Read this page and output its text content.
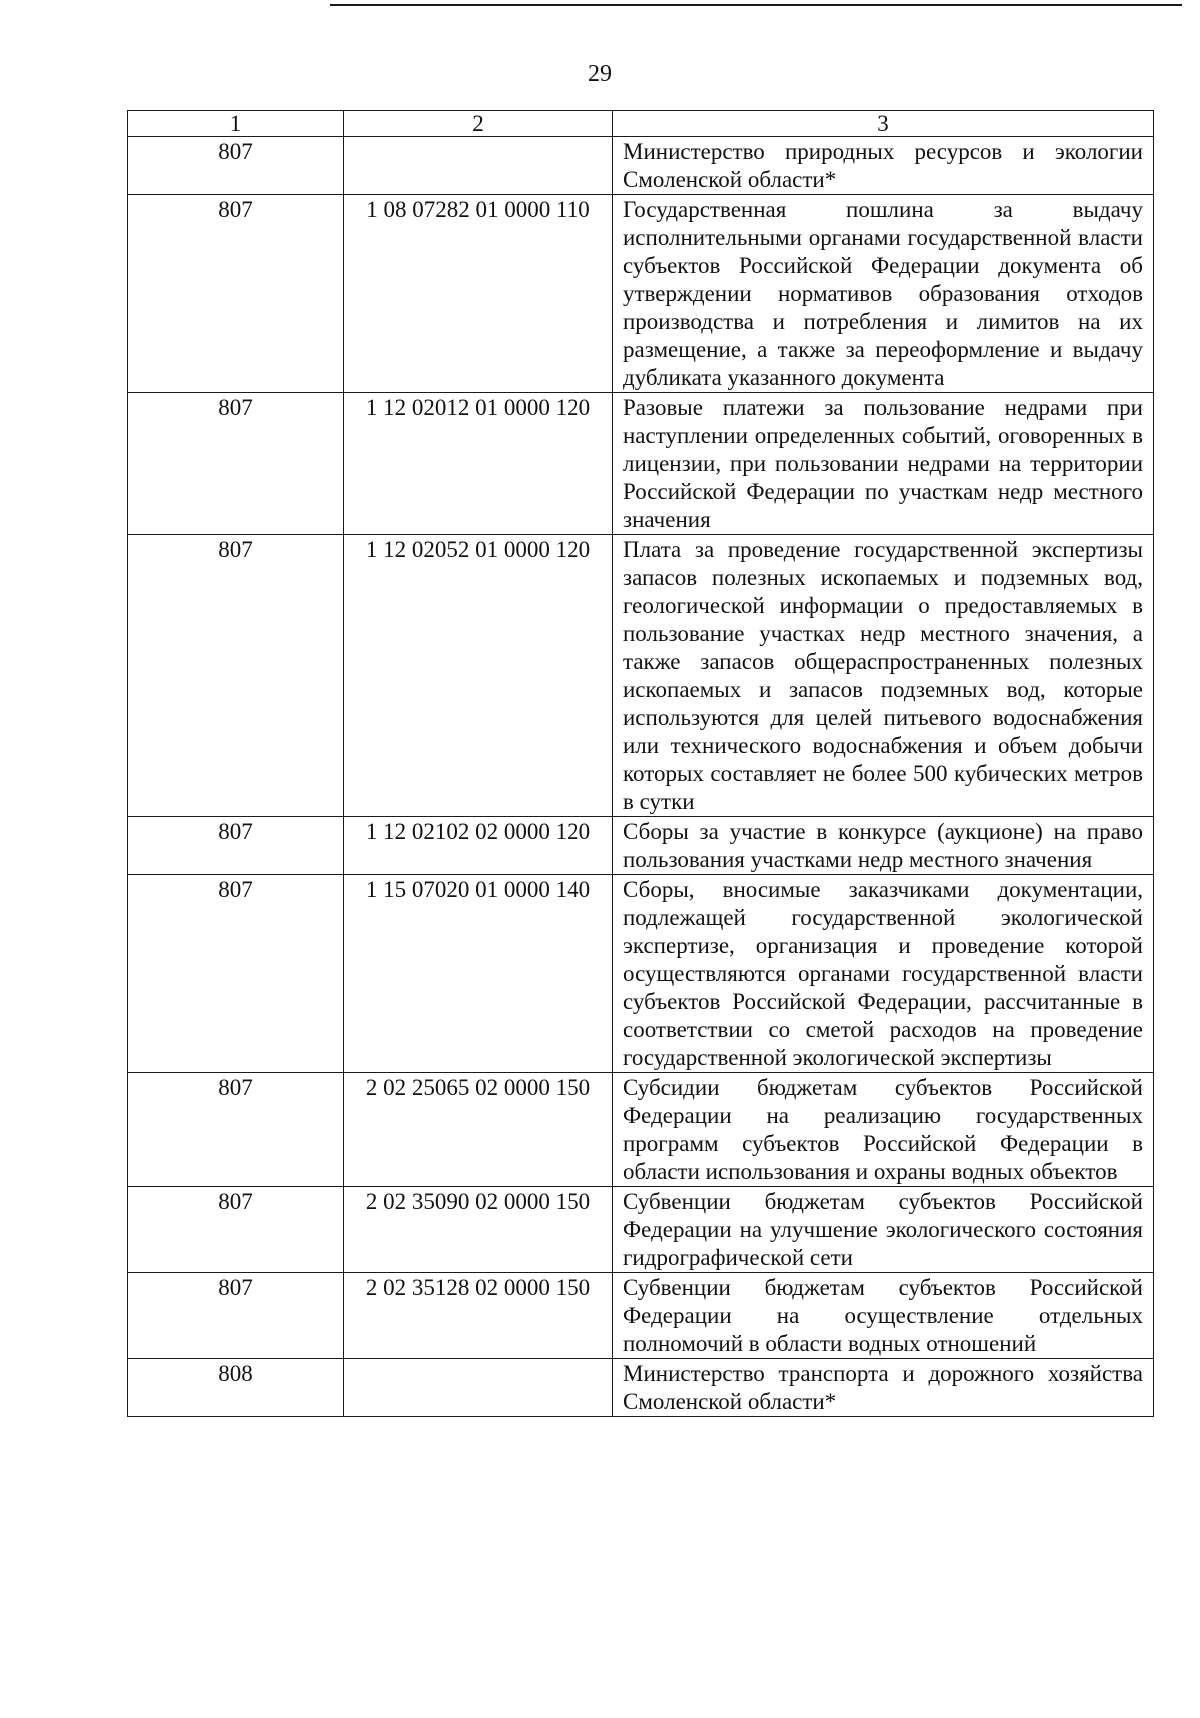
29
1	2	3
807		Министерство природных ресурсов и экологии Смоленской области*
807	1 08 07282 01 0000 110	Государственная пошлина за выдачу исполнительными органами государственной власти субъектов Российской Федерации документа об утверждении нормативов образования отходов производства и потребления и лимитов на их размещение, а также за переоформление и выдачу дубликата указанного документа
807	1 12 02012 01 0000 120	Разовые платежи за пользование недрами при наступлении определенных событий, оговоренных в лицензии, при пользовании недрами на территории Российской Федерации по участкам недр местного значения
807	1 12 02052 01 0000 120	Плата за проведение государственной экспертизы запасов полезных ископаемых и подземных вод, геологической информации о предоставляемых в пользование участках недр местного значения, а также запасов общераспространенных полезных ископаемых и запасов подземных вод, которые используются для целей питьевого водоснабжения или технического водоснабжения и объем добычи которых составляет не более 500 кубических метров в сутки
807	1 12 02102 02 0000 120	Сборы за участие в конкурсе (аукционе) на право пользования участками недр местного значения
807	1 15 07020 01 0000 140	Сборы, вносимые заказчиками документации, подлежащей государственной экологической экспертизе, организация и проведение которой осуществляются органами государственной власти субъектов Российской Федерации, рассчитанные в соответствии со сметой расходов на проведение государственной экологической экспертизы
807	2 02 25065 02 0000 150	Субсидии бюджетам субъектов Российской Федерации на реализацию государственных программ субъектов Российской Федерации в области использования и охраны водных объектов
807	2 02 35090 02 0000 150	Субвенции бюджетам субъектов Российской Федерации на улучшение экологического состояния гидрографической сети
807	2 02 35128 02 0000 150	Субвенции бюджетам субъектов Российской Федерации на осуществление отдельных полномочий в области водных отношений
808		Министерство транспорта и дорожного хозяйства Смоленской области*
